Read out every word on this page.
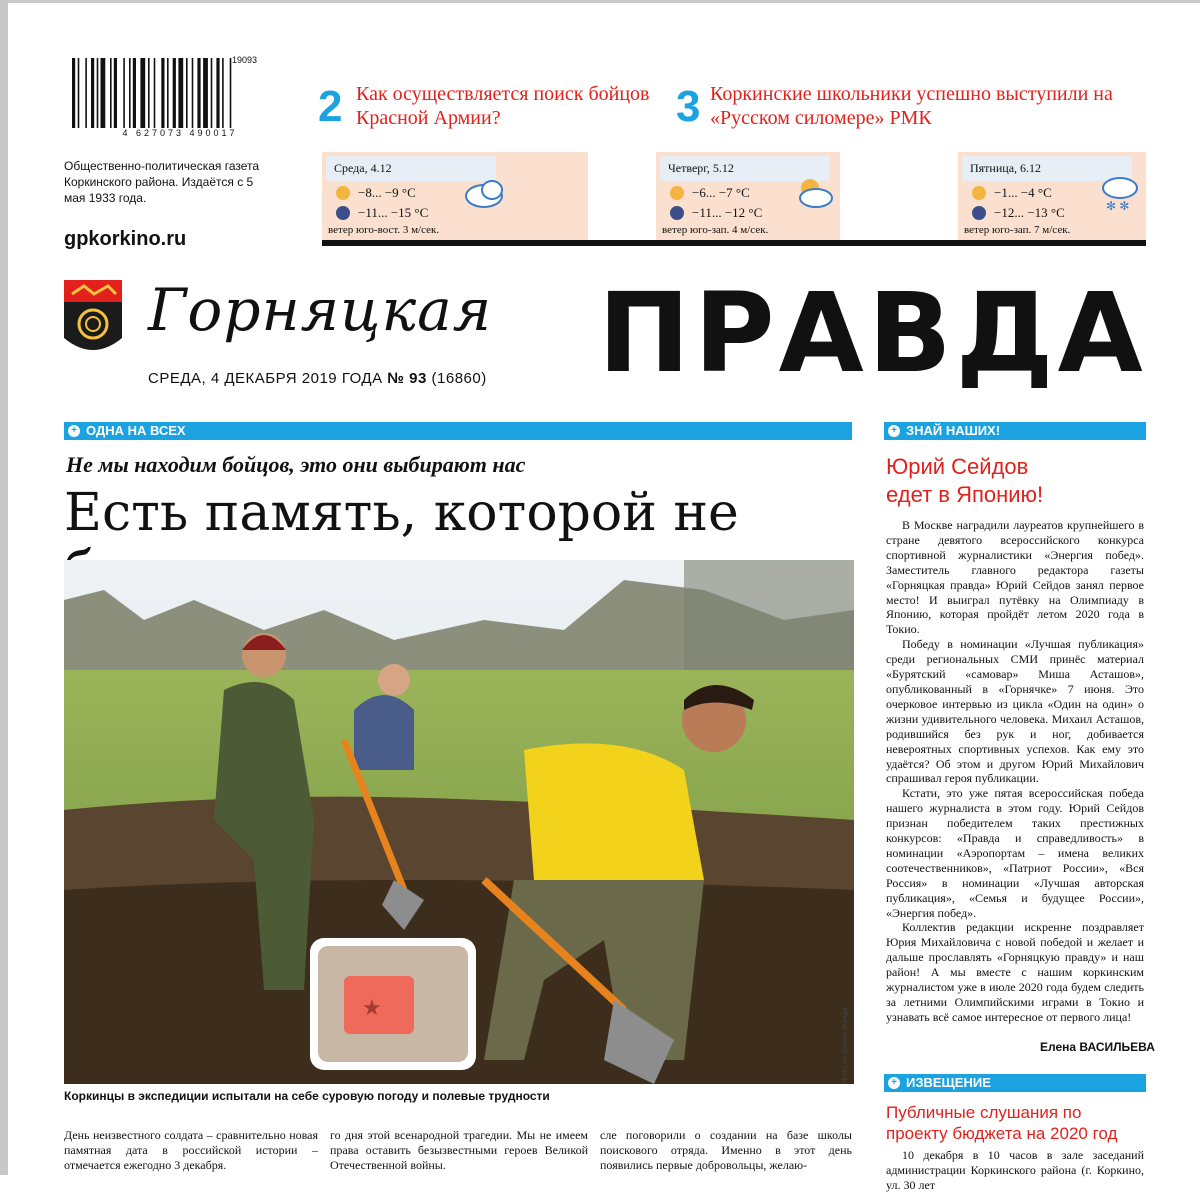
4 627073 490017
19093
2 Как осуществляется поиск бойцов Красной Армии?	3 Коркинские школьники успешно выступили на «Русском силомере» РМК
Общественно-политическая газета Коркинского района. Издаётся с 5 мая 1933 года.
gpkorkino.ru
Среда, 4.12
−8... −9 °С
−11... −15 °С
ветер юго-вост. 3 м/сек.
Четверг, 5.12
−6... −7 °С
−11... −12 °С
ветер юго-зап. 4 м/сек.
Пятница, 6.12
−1... −4 °С
−12... −13 °С	✻ ✻
ветер юго-зап. 7 м/сек.
Горняцкая ПРАВДА
СРЕДА, 4 ДЕКАБРЯ 2019 ГОДА № 93 (16860)
+ ОДНА НА ВСЕХ
Не мы находим бойцов, это они выбирают нас
Есть память, которой не
★
Фото из архива отряда
Коркинцы в экспедиции испытали на себе суровую погоду и полевые трудности
День неизвестного солдата – сравнительно новая памятная дата в российской истории – отмечается ежегодно 3 декабря.
го дня этой всенародной трагедии. Мы не имеем права оставить безызвестными героев Великой Отечественной войны.
сле поговорили о создании на базе школы поискового отряда. Именно в этот день появились первые добровольцы, желаю-
+ ЗНАЙ НАШИХ!
Юрий Сейдов
едет в Японию!

В Москве наградили лауреатов крупнейшего в стране девятого всероссийского конкурса спортивной журналистики «Энергия побед». Заместитель главного редактора газеты «Горняцкая правда» Юрий Сейдов занял первое место! И выиграл путёвку на Олимпиаду в Японию, которая пройдёт летом 2020 года в Токио.

Победу в номинации «Лучшая публикация» среди региональных СМИ принёс материал «Бурятский «самовар» Миша Асташов», опубликованный в «Горнячке» 7 июня. Это очерковое интервью из цикла «Один на один» о жизни удивительного человека. Михаил Асташов, родившийся без рук и ног, добивается невероятных спортивных успехов. Как ему это удаётся? Об этом и другом Юрий Михайлович спрашивал героя публикации.

Кстати, это уже пятая всероссийская победа нашего журналиста в этом году. Юрий Сейдов признан победителем таких престижных конкурсов: «Правда и справедливость» в номинации «Аэропортам – имена великих соотечественников», «Патриот России», «Вся Россия» в номинации «Лучшая авторская публикация», «Семья и будущее России», «Энергия побед».

Коллектив редакции искренне поздравляет Юрия Михайловича с новой победой и желает и дальше прославлять «Горняцкую правду» и наш район! А мы вместе с нашим коркинским журналистом уже в июле 2020 года будем следить за летними Олимпийскими играми в Токио и узнавать всё самое интересное от первого лица!

Елена ВАСИЛЬЕВА
+ ИЗВЕЩЕНИЕ
Публичные слушания по проекту бюджета на 2020 год
10 декабря в 10 часов в зале заседаний администрации Коркинского района (г. Коркино, ул. 30 лет
